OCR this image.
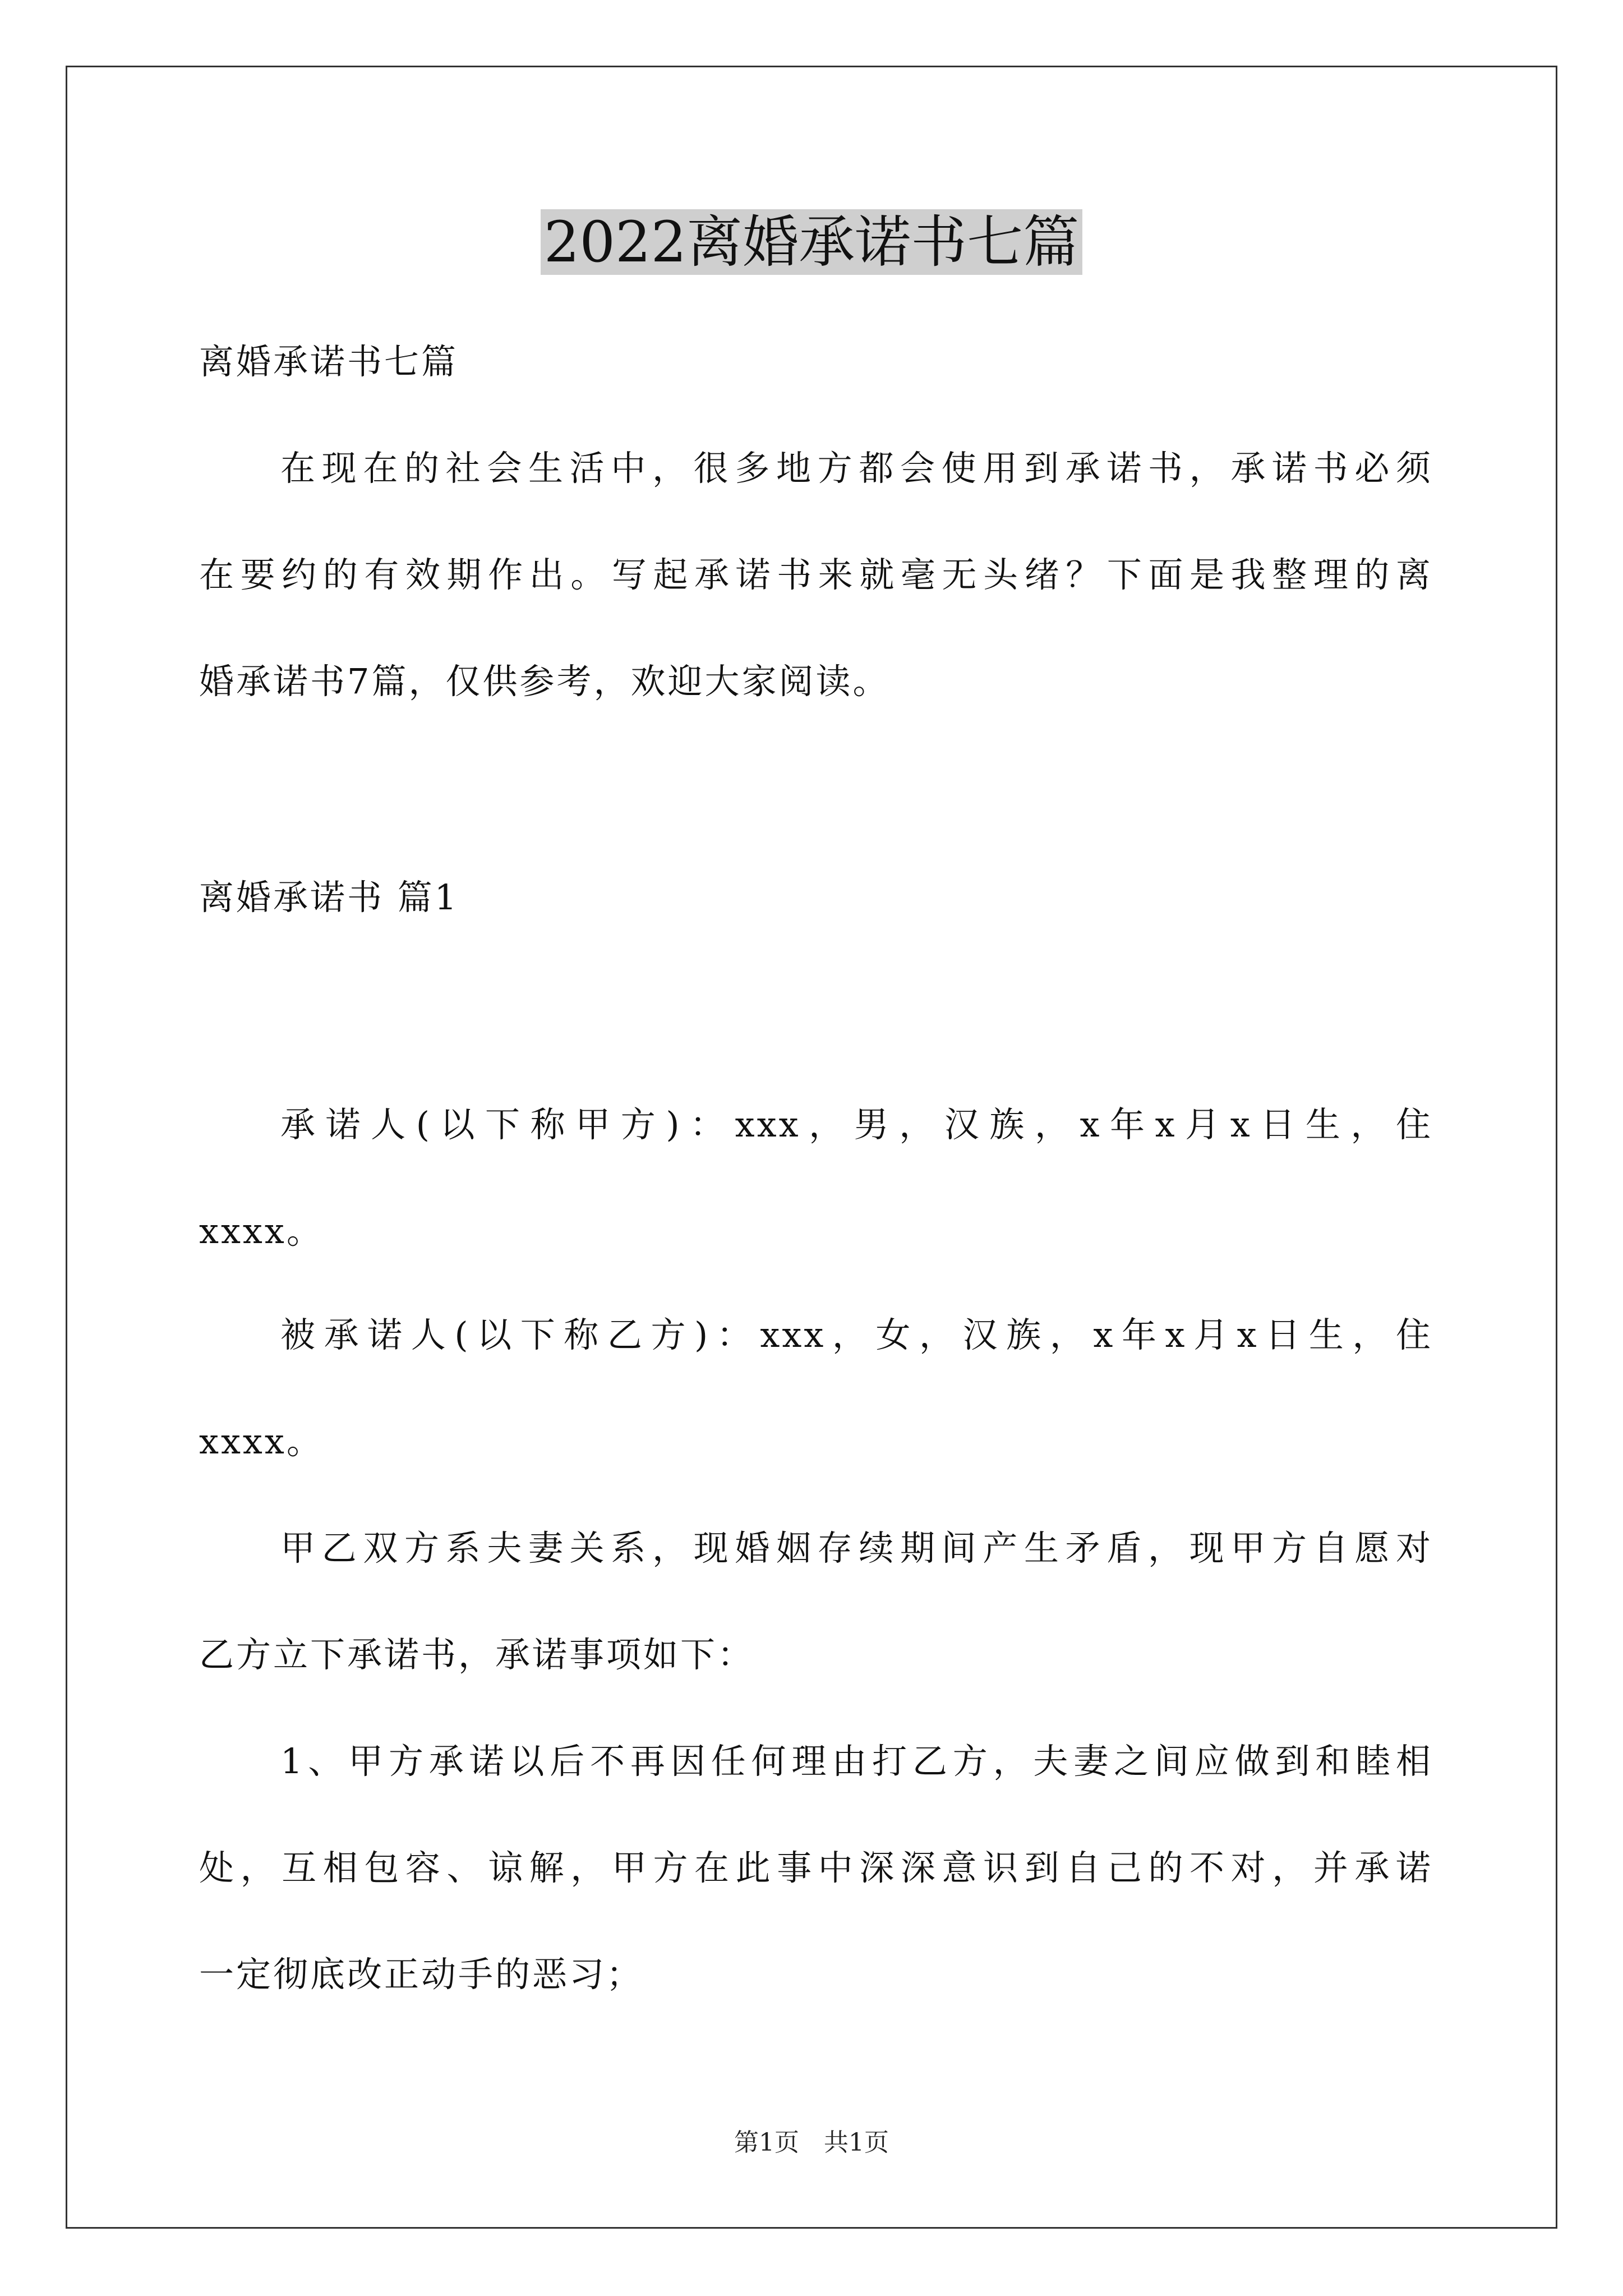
2022离婚承诺书七篇
离婚承诺书七篇
在现在的社会生活中，很多地方都会使用到承诺书，承诺书必须
在要约的有效期作出。写起承诺书来就毫无头绪？下面是我整理的离
婚承诺书7篇，仅供参考，欢迎大家阅读。
离婚承诺书 篇1
承诺人(以下称甲方)：xxx，男，汉族，x年x月x日生，住
xxxx。
被承诺人(以下称乙方)：xxx，女，汉族，x年x月x日生，住
xxxx。
甲乙双方系夫妻关系，现婚姻存续期间产生矛盾，现甲方自愿对
乙方立下承诺书，承诺事项如下：
1、甲方承诺以后不再因任何理由打乙方，夫妻之间应做到和睦相
处，互相包容、谅解，甲方在此事中深深意识到自己的不对，并承诺
一定彻底改正动手的恶习；
第1页　共1页
